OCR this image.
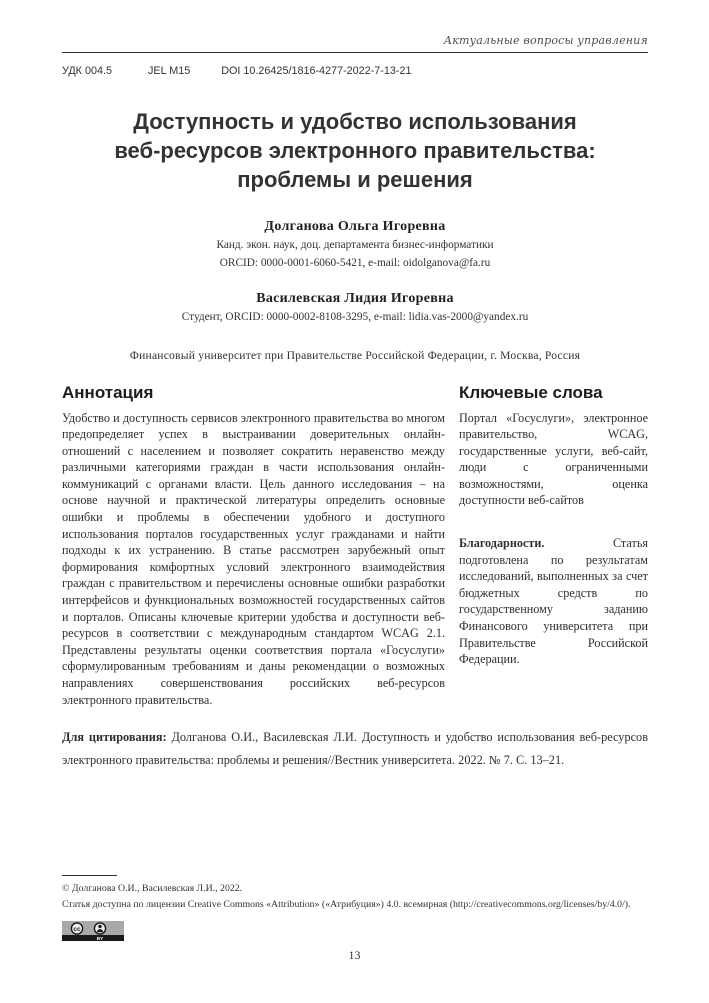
Актуальные вопросы управления
УДК 004.5	JEL M15	DOI 10.26425/1816-4277-2022-7-13-21
Доступность и удобство использования
веб-ресурсов электронного правительства:
проблемы и решения
Долганова Ольга Игоревна
Канд. экон. наук, доц. департамента бизнес-информатики
ORCID: 0000-0001-6060-5421, e-mail: oidolganova@fa.ru
Василевская Лидия Игоревна
Студент, ORCID: 0000-0002-8108-3295, e-mail: lidia.vas-2000@yandex.ru
Финансовый университет при Правительстве Российской Федерации, г. Москва, Россия
Аннотация
Удобство и доступность сервисов электронного правительства во многом предопределяет успех в выстраивании доверительных онлайн-отношений с населением и позволяет сократить неравенство между различными категориями граждан в части использования онлайн-коммуникаций с органами власти. Цель данного исследования – на основе научной и практической литературы определить основные ошибки и проблемы в обеспечении удобного и доступного использования порталов государственных услуг гражданами и найти подходы к их устранению. В статье рассмотрен зарубежный опыт формирования комфортных условий электронного взаимодействия граждан с правительством и перечислены основные ошибки разработки интерфейсов и функциональных возможностей государственных сайтов и порталов. Описаны ключевые критерии удобства и доступности веб-ресурсов в соответствии с международным стандартом WCAG 2.1. Представлены результаты оценки соответствия портала «Госуслуги» сформулированным требованиям и даны рекомендации о возможных направлениях совершенствования российских веб-ресурсов электронного правительства.
Ключевые слова
Портал «Госуслуги», электронное правительство, WCAG, государственные услуги, веб-сайт, люди с ограниченными возможностями, оценка доступности веб-сайтов
Благодарности. Статья подготовлена по результатам исследований, выполненных за счет бюджетных средств по государственному заданию Финансового университета при Правительстве Российской Федерации.
Для цитирования: Долганова О.И., Василевская Л.И. Доступность и удобство использования веб-ресурсов электронного правительства: проблемы и решения//Вестник университета. 2022. № 7. С. 13–21.
© Долганова О.И., Василевская Л.И., 2022.
Статья доступна по лицензии Creative Commons «Attribution» («Атрибуция») 4.0. всемирная (http://creativecommons.org/licenses/by/4.0/).
cc
BY
13
